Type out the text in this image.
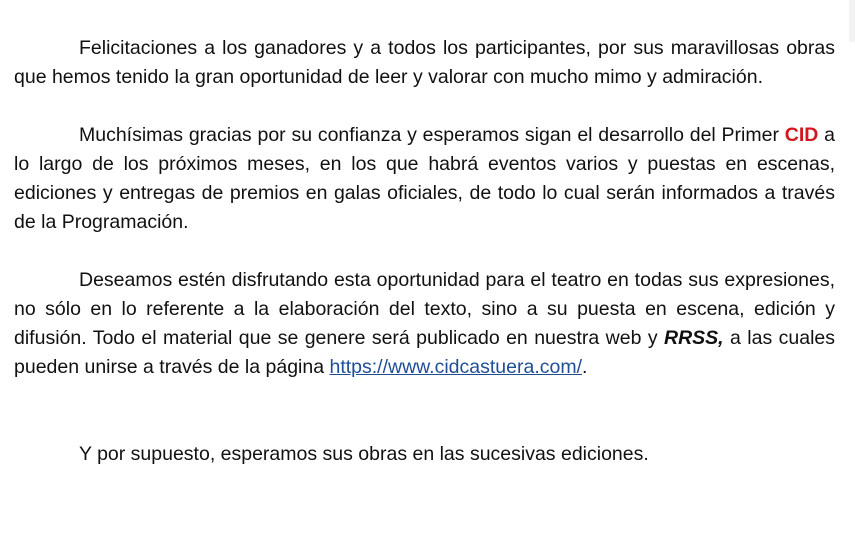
Felicitaciones a los ganadores y a todos los participantes, por sus maravillosas obras que hemos tenido la gran oportunidad de leer y valorar con mucho mimo y admiración.

Muchísimas gracias por su confianza y esperamos sigan el desarrollo del Primer CID a lo largo de los próximos meses, en los que habrá eventos varios y puestas en escenas, ediciones y entregas de premios en galas oficiales, de todo lo cual serán informados a través de la Programación.

Deseamos estén disfrutando esta oportunidad para el teatro en todas sus expresiones, no sólo en lo referente a la elaboración del texto, sino a su puesta en escena, edición y difusión. Todo el material que se genere será publicado en nuestra web y RRSS, a las cuales pueden unirse a través de la página https://www.cidcastuera.com/.

Y por supuesto, esperamos sus obras en las sucesivas ediciones.
